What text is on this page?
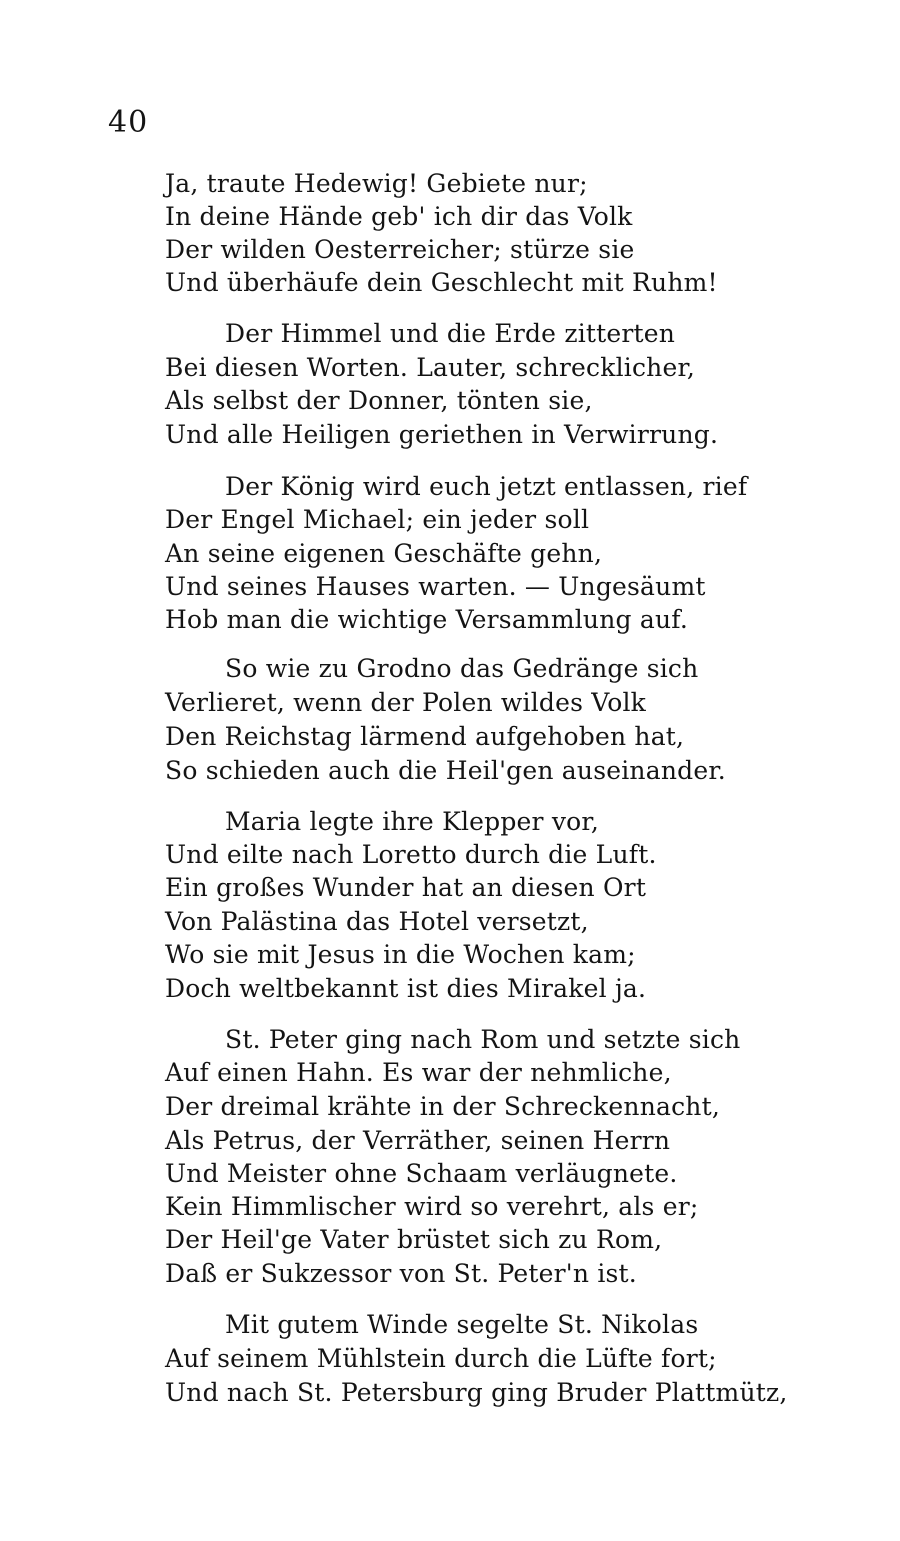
40
Ja, traute Hedewig! Gebiete nur;
In deine Hände geb' ich dir das Volk
Der wilden Oesterreicher; stürze sie
Und überhäufe dein Geschlecht mit Ruhm!
Der Himmel und die Erde zitterten
Bei diesen Worten. Lauter, schrecklicher,
Als selbst der Donner, tönten sie,
Und alle Heiligen geriethen in Verwirrung.
Der König wird euch jetzt entlassen, rief
Der Engel Michael; ein jeder soll
An seine eigenen Geschäfte gehn,
Und seines Hauses warten. — Ungesäumt
Hob man die wichtige Versammlung auf.
So wie zu Grodno das Gedränge sich
Verlieret, wenn der Polen wildes Volk
Den Reichstag lärmend aufgehoben hat,
So schieden auch die Heil'gen auseinander.
Maria legte ihre Klepper vor,
Und eilte nach Loretto durch die Luft.
Ein großes Wunder hat an diesen Ort
Von Palästina das Hotel versetzt,
Wo sie mit Jesus in die Wochen kam;
Doch weltbekannt ist dies Mirakel ja.
St. Peter ging nach Rom und setzte sich
Auf einen Hahn. Es war der nehmliche,
Der dreimal krähte in der Schreckennacht,
Als Petrus, der Verräther, seinen Herrn
Und Meister ohne Schaam verläugnete.
Kein Himmlischer wird so verehrt, als er;
Der Heil'ge Vater brüstet sich zu Rom,
Daß er Sukzessor von St. Peter'n ist.
Mit gutem Winde segelte St. Nikolas
Auf seinem Mühlstein durch die Lüfte fort;
Und nach St. Petersburg ging Bruder Plattmütz,
